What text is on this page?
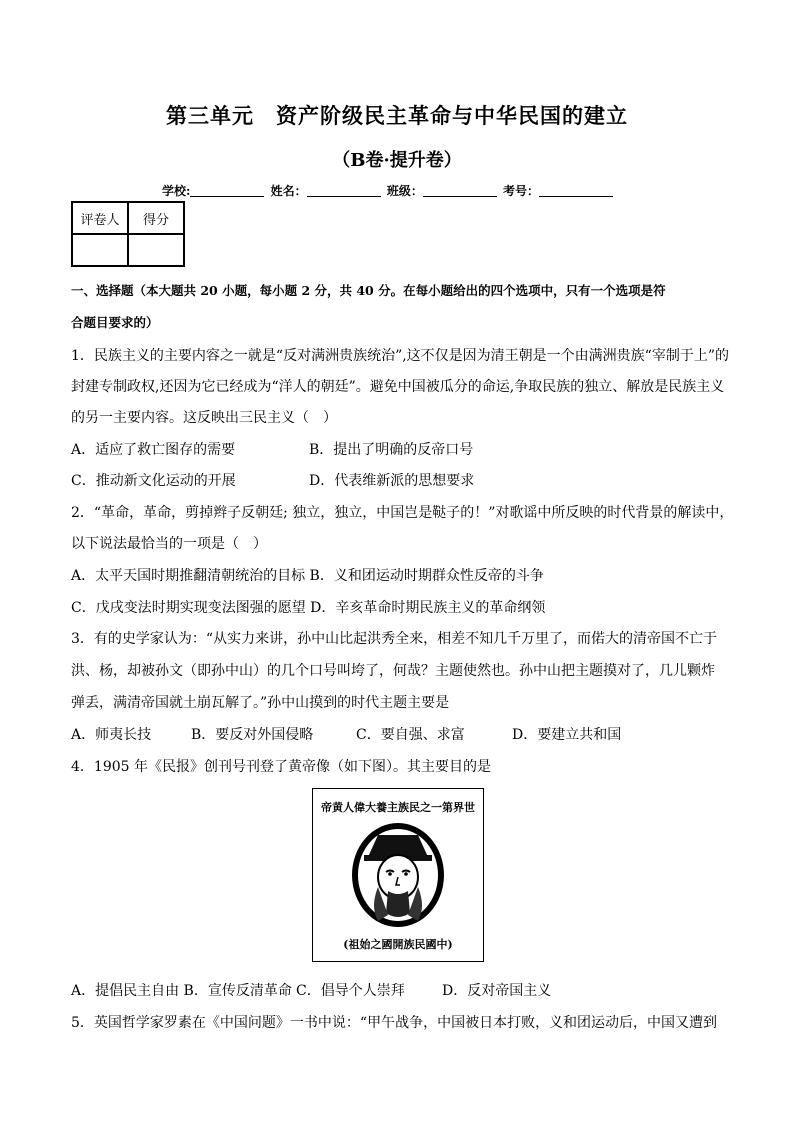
第三单元　资产阶级民主革命与中华民国的建立
（B卷·提升卷）
学校:	姓名：	班级：	考号：
评卷人	得分

一、选择题（本大题共 20 小题，每小题 2 分，共 40 分。在每小题给出的四个选项中，只有一个选项是符
合题目要求的）
1．民族主义的主要内容之一就是“反对满洲贵族统治”,这不仅是因为清王朝是一个由满洲贵族“宰制于上”的
封建专制政权,还因为它已经成为“洋人的朝廷”。避免中国被瓜分的命运,争取民族的独立、解放是民族主义
的另一主要内容。这反映出三民主义（　）
A．适应了救亡图存的需要	B．提出了明确的反帝口号
C．推动新文化运动的开展	D．代表维新派的思想要求
2．“革命，革命，剪掉辫子反朝廷; 独立，独立，中国岂是鞑子的！”对歌谣中所反映的时代背景的解读中，
以下说法最恰当的一项是（　）
A．太平天国时期推翻清朝统治的目标 B．义和团运动时期群众性反帝的斗争
C．戊戌变法时期实现变法图强的愿望 D．辛亥革命时期民族主义的革命纲领
3．有的史学家认为：“从实力来讲，孙中山比起洪秀全来，相差不知几千万里了，而偌大的清帝国不亡于
洪、杨，却被孙文（即孙中山）的几个口号叫垮了，何哉？主题使然也。孙中山把主题摸对了，几儿颗炸
弹丢，满清帝国就土崩瓦解了。”孙中山摸到的时代主题主要是
A．师夷长技	B．要反对外国侵略	C．要自强、求富	D．要建立共和国
4．1905 年《民报》创刊号刊登了黄帝像（如下图）。其主要目的是
帝黄人偉大養主族民之一第界世
(祖始之國開族民國中)
A．提倡民主自由 B．宣传反清革命 C．倡导个人崇拜	D．反对帝国主义
5．英国哲学家罗素在《中国问题》一书中说：“甲午战争，中国被日本打败，义和团运动后，中国又遭到
